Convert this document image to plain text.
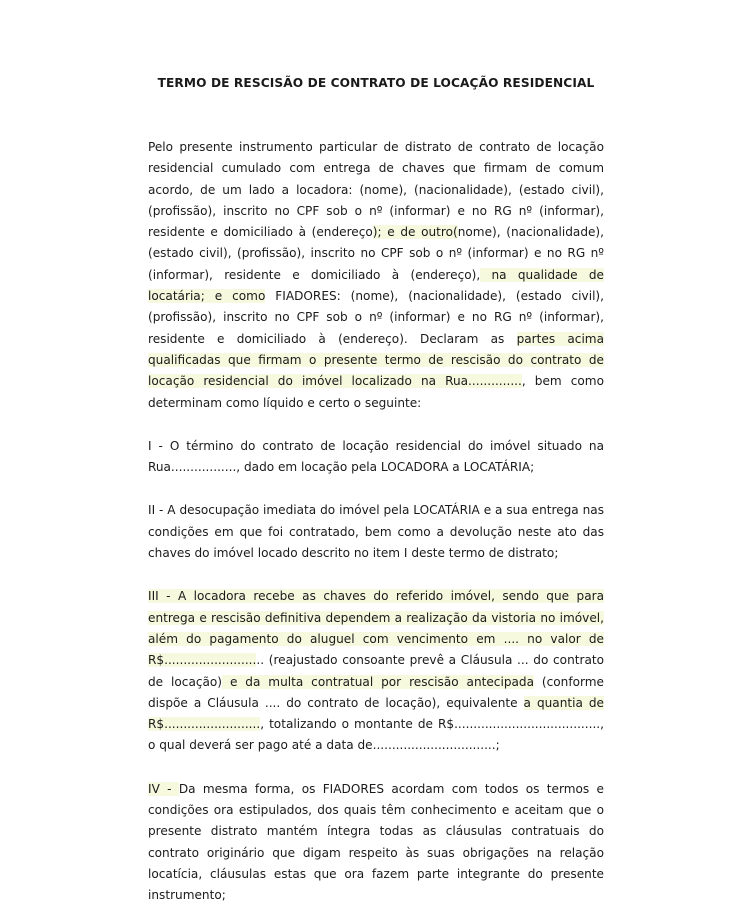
TERMO DE RESCISÃO DE CONTRATO DE LOCAÇÃO RESIDENCIAL

Pelo presente instrumento particular de distrato de contrato de locação residencial cumulado com entrega de chaves que firmam de comum acordo, de um lado a locadora: (nome), (nacionalidade), (estado civil), (profissão), inscrito no CPF sob o nº (informar) e no RG nº (informar), residente e domiciliado à (endereço); e de outro(nome), (nacionalidade), (estado civil), (profissão), inscrito no CPF sob o nº (informar) e no RG nº (informar), residente e domiciliado à (endereço), na qualidade de locatária; e como FIADORES: (nome), (nacionalidade), (estado civil), (profissão), inscrito no CPF sob o nº (informar) e no RG nº (informar), residente e domiciliado à (endereço). Declaram as partes acima qualificadas que firmam o presente termo de rescisão do contrato de locação residencial do imóvel localizado na Rua.............., bem como determinam como líquido e certo o seguinte:

I - O término do contrato de locação residencial do imóvel situado na Rua................., dado em locação pela LOCADORA a LOCATÁRIA;

II - A desocupação imediata do imóvel pela LOCATÁRIA e a sua entrega nas condições em que foi contratado, bem como a devolução neste ato das chaves do imóvel locado descrito no item I deste termo de distrato;

III - A locadora recebe as chaves do referido imóvel, sendo que para entrega e rescisão definitiva dependem a realização da vistoria no imóvel, além do pagamento do aluguel com vencimento em .... no valor de R$.......................... (reajustado consoante prevê a Cláusula ... do contrato de locação) e da multa contratual por rescisão antecipada (conforme dispõe a Cláusula .... do contrato de locação), equivalente a quantia de R$........................., totalizando o montante de R$......................................, o qual deverá ser pago até a data de................................;

IV - Da mesma forma, os FIADORES acordam com todos os termos e condições ora estipulados, dos quais têm conhecimento e aceitam que o presente distrato mantém íntegra todas as cláusulas contratuais do contrato originário que digam respeito às suas obrigações na relação locatícia, cláusulas estas que ora fazem parte integrante do presente instrumento;
